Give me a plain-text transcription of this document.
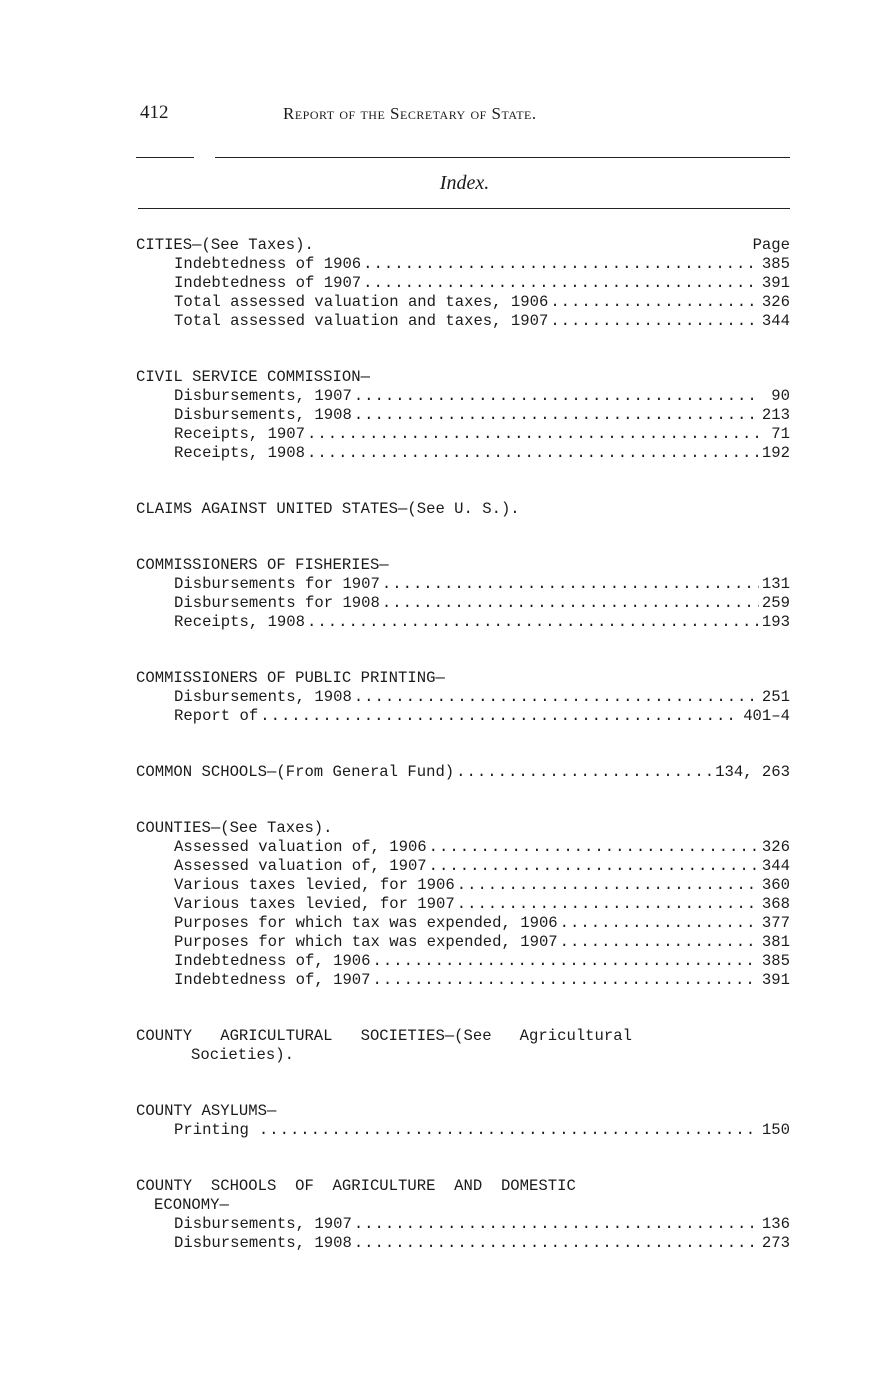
412	Report of the Secretary of State.
Index.
CITIES—(See Taxes).	Page
Indebtedness of 1906 .....	385
Indebtedness of 1907 .....	391
Total assessed valuation and taxes, 1906 .....	326
Total assessed valuation and taxes, 1907 .....	344
CIVIL SERVICE COMMISSION—
Disbursements, 1907 .....	90
Disbursements, 1908 .....	213
Receipts, 1907 .....	71
Receipts, 1908 .....	192
CLAIMS AGAINST UNITED STATES—(See U. S.).
COMMISSIONERS OF FISHERIES—
Disbursements for 1907 .....	131
Disbursements for 1908 .....	259
Receipts, 1908 .....	193
COMMISSIONERS OF PUBLIC PRINTING—
Disbursements, 1908 .....	251
Report of .....	401–4
COMMON SCHOOLS—(From General Fund) .....	134, 263
COUNTIES—(See Taxes).
Assessed valuation of, 1906 .....	326
Assessed valuation of, 1907 .....	344
Various taxes levied, for 1906 .....	360
Various taxes levied, for 1907 .....	368
Purposes for which tax was expended, 1906 .....	377
Purposes for which tax was expended, 1907 .....	381
Indebtedness of, 1906 .....	385
Indebtedness of, 1907 .....	391
COUNTY   AGRICULTURAL   SOCIETIES—(See   Agricultural
Societies).
COUNTY ASYLUMS—
Printing .....	150
COUNTY  SCHOOLS  OF  AGRICULTURE  AND  DOMESTIC
ECONOMY—
Disbursements, 1907 .....	136
Disbursements, 1908 .....	273
